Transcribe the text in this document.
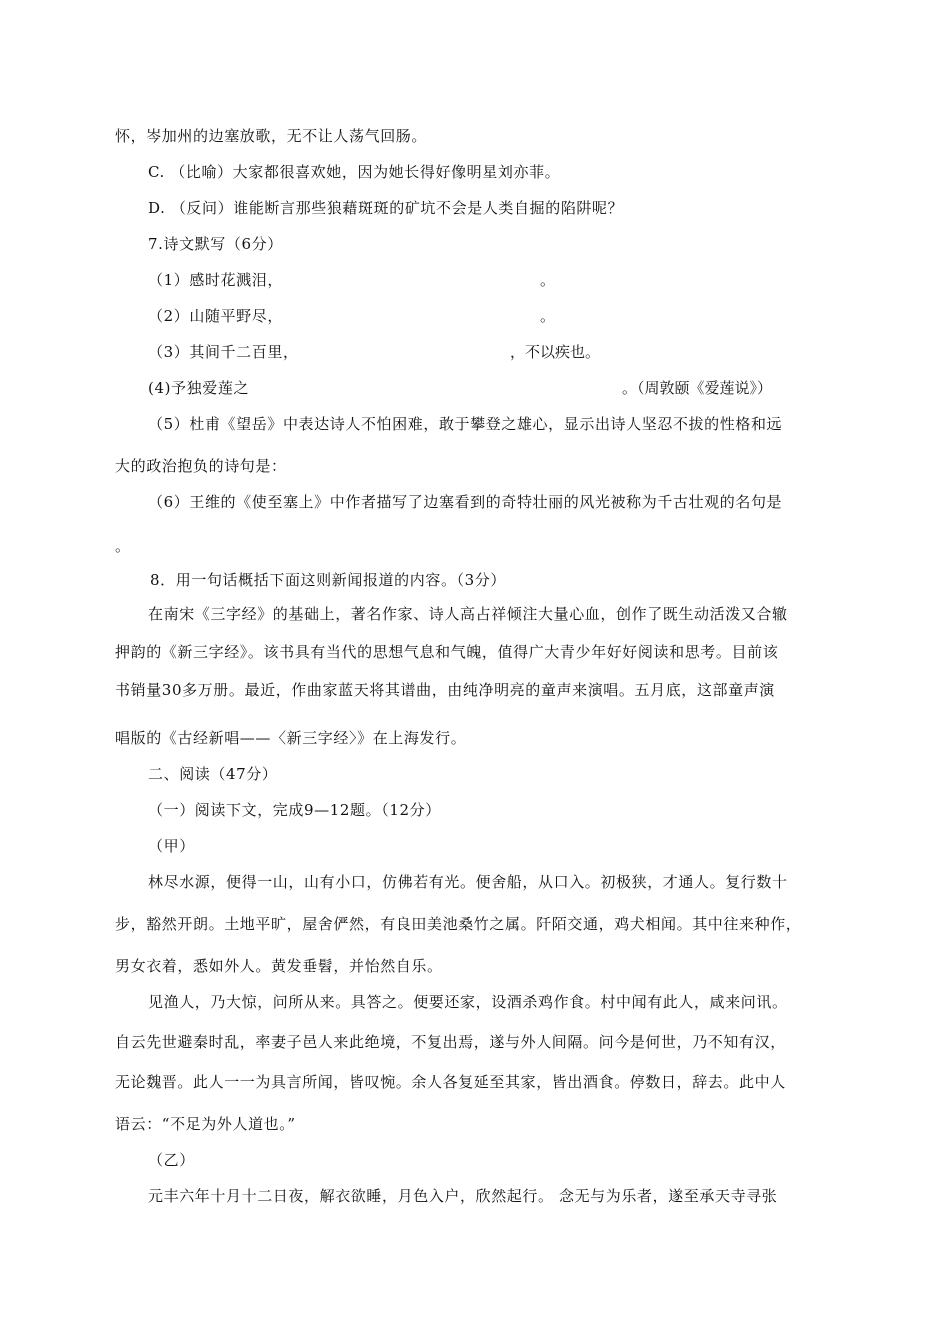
怀，岑加州的边塞放歌，无不让人荡气回肠。
C. （比喻）大家都很喜欢她，因为她长得好像明星刘亦菲。
D. （反问）谁能断言那些狼藉斑斑的矿坑不会是人类自掘的陷阱呢？
7.诗文默写（6分）
（1）感时花溅泪，	。
（2）山随平野尽，	。
（3）其间千二百里，	，不以疾也。
(4)予独爱莲之	。（周敦颐《爱莲说》）
（5）杜甫《望岳》中表达诗人不怕困难，敢于攀登之雄心，显示出诗人坚忍不拔的性格和远
大的政治抱负的诗句是：
（6）王维的《使至塞上》中作者描写了边塞看到的奇特壮丽的风光被称为千古壮观的名句是
。
8．用一句话概括下面这则新闻报道的内容。（3分）
在南宋《三字经》的基础上，著名作家、诗人高占祥倾注大量心血，创作了既生动活泼又合辙
押韵的《新三字经》。该书具有当代的思想气息和气魄，值得广大青少年好好阅读和思考。目前该
书销量30多万册。最近，作曲家蓝天将其谱曲，由纯净明亮的童声来演唱。五月底，这部童声演
唱版的《古经新唱——〈新三字经〉》在上海发行。
二、阅读（47分）
（一）阅读下文，完成9—12题。（12分）
（甲）
林尽水源，便得一山，山有小口，仿佛若有光。便舍船，从口入。初极狭，才通人。复行数十
步，豁然开朗。土地平旷，屋舍俨然，有良田美池桑竹之属。阡陌交通，鸡犬相闻。其中往来种作，
男女衣着，悉如外人。黄发垂髫，并怡然自乐。
见渔人，乃大惊，问所从来。具答之。便要还家，设酒杀鸡作食。村中闻有此人，咸来问讯。
自云先世避秦时乱，率妻子邑人来此绝境，不复出焉，遂与外人间隔。问今是何世，乃不知有汉，
无论魏晋。此人一一为具言所闻，皆叹惋。余人各复延至其家，皆出酒食。停数日，辞去。此中人
语云：“不足为外人道也。”
（乙）
元丰六年十月十二日夜，解衣欲睡，月色入户，欣然起行。 念无与为乐者，遂至承天寺寻张
